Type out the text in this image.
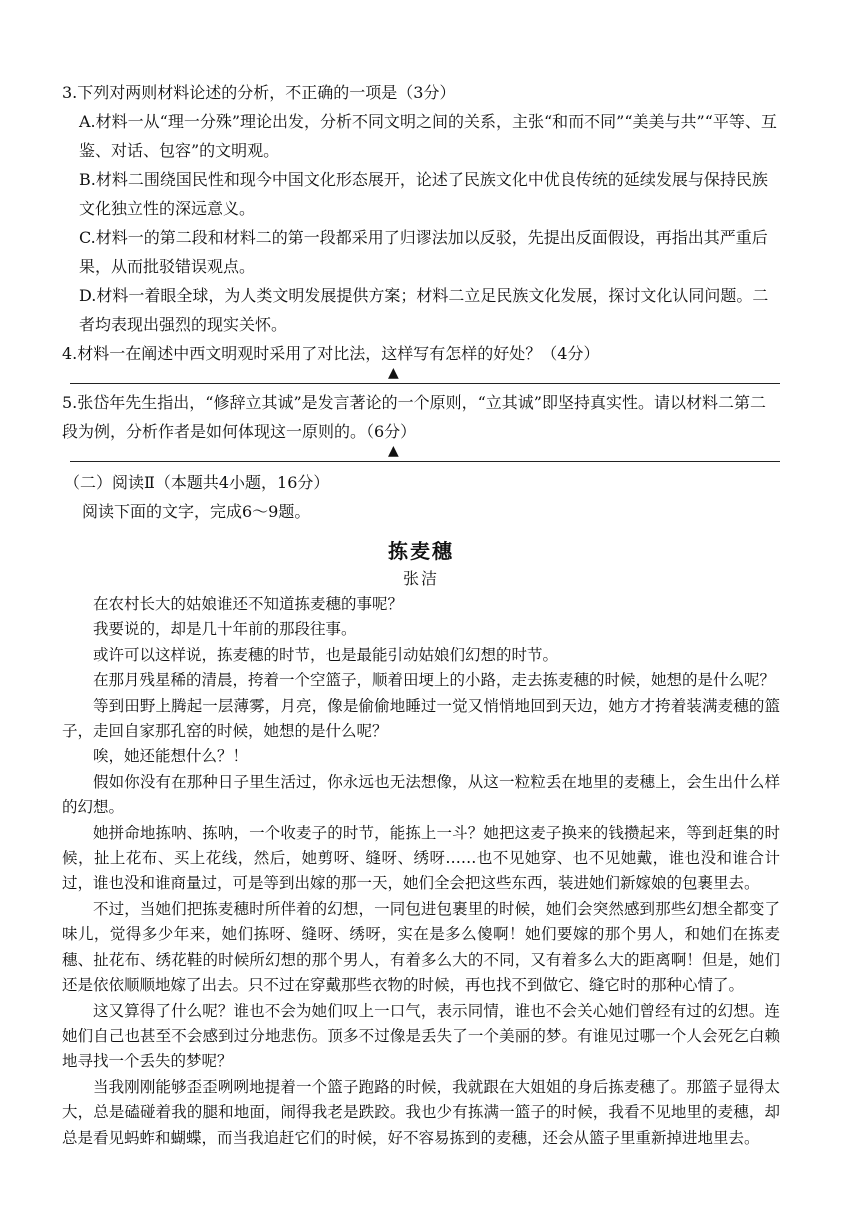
3.下列对两则材料论述的分析，不正确的一项是（3分）

A.材料一从“理一分殊”理论出发，分析不同文明之间的关系，主张“和而不同”“美美与共”“平等、互鉴、对话、包容”的文明观。

B.材料二围绕国民性和现今中国文化形态展开，论述了民族文化中优良传统的延续发展与保持民族文化独立性的深远意义。

C.材料一的第二段和材料二的第一段都采用了归谬法加以反驳，先提出反面假设，再指出其严重后果，从而批驳错误观点。

D.材料一着眼全球，为人类文明发展提供方案；材料二立足民族文化发展，探讨文化认同问题。二者均表现出强烈的现实关怀。

4.材料一在阐述中西文明观时采用了对比法，这样写有怎样的好处？（4分）

▲

5.张岱年先生指出，“修辞立其诚”是发言著论的一个原则，“立其诚”即坚持真实性。请以材料二第二段为例，分析作者是如何体现这一原则的。（6分）

▲
（二）阅读Ⅱ（本题共4小题，16分）
阅读下面的文字，完成6～9题。
拣麦穗
张洁

在农村长大的姑娘谁还不知道拣麦穗的事呢？

我要说的，却是几十年前的那段往事。

或许可以这样说，拣麦穗的时节，也是最能引动姑娘们幻想的时节。

在那月残星稀的清晨，挎着一个空篮子，顺着田埂上的小路，走去拣麦穗的时候，她想的是什么呢？

等到田野上腾起一层薄雾，月亮，像是偷偷地睡过一觉又悄悄地回到天边，她方才挎着装满麦穗的篮子，走回自家那孔窑的时候，她想的是什么呢？

唉，她还能想什么？！

假如你没有在那种日子里生活过，你永远也无法想像，从这一粒粒丢在地里的麦穗上，会生出什么样的幻想。

她拼命地拣呐、拣呐，一个收麦子的时节，能拣上一斗？她把这麦子换来的钱攒起来，等到赶集的时候，扯上花布、买上花线，然后，她剪呀、缝呀、绣呀……也不见她穿、也不见她戴，谁也没和谁合计过，谁也没和谁商量过，可是等到出嫁的那一天，她们全会把这些东西，装进她们新嫁娘的包裹里去。

不过，当她们把拣麦穗时所伴着的幻想，一同包进包裹里的时候，她们会突然感到那些幻想全都变了味儿，觉得多少年来，她们拣呀、缝呀、绣呀，实在是多么傻啊！她们要嫁的那个男人，和她们在拣麦穗、扯花布、绣花鞋的时候所幻想的那个男人，有着多么大的不同，又有着多么大的距离啊！但是，她们还是依依顺顺地嫁了出去。只不过在穿戴那些衣物的时候，再也找不到做它、缝它时的那种心情了。

这又算得了什么呢？谁也不会为她们叹上一口气，表示同情，谁也不会关心她们曾经有过的幻想。连她们自己也甚至不会感到过分地悲伤。顶多不过像是丢失了一个美丽的梦。有谁见过哪一个人会死乞白赖地寻找一个丢失的梦呢？

当我刚刚能够歪歪咧咧地提着一个篮子跑路的时候，我就跟在大姐姐的身后拣麦穗了。那篮子显得太大，总是磕碰着我的腿和地面，闹得我老是跌跤。我也少有拣满一篮子的时候，我看不见地里的麦穗，却总是看见蚂蚱和蝴蝶，而当我追赶它们的时候，好不容易拣到的麦穗，还会从篮子里重新掉进地里去。
